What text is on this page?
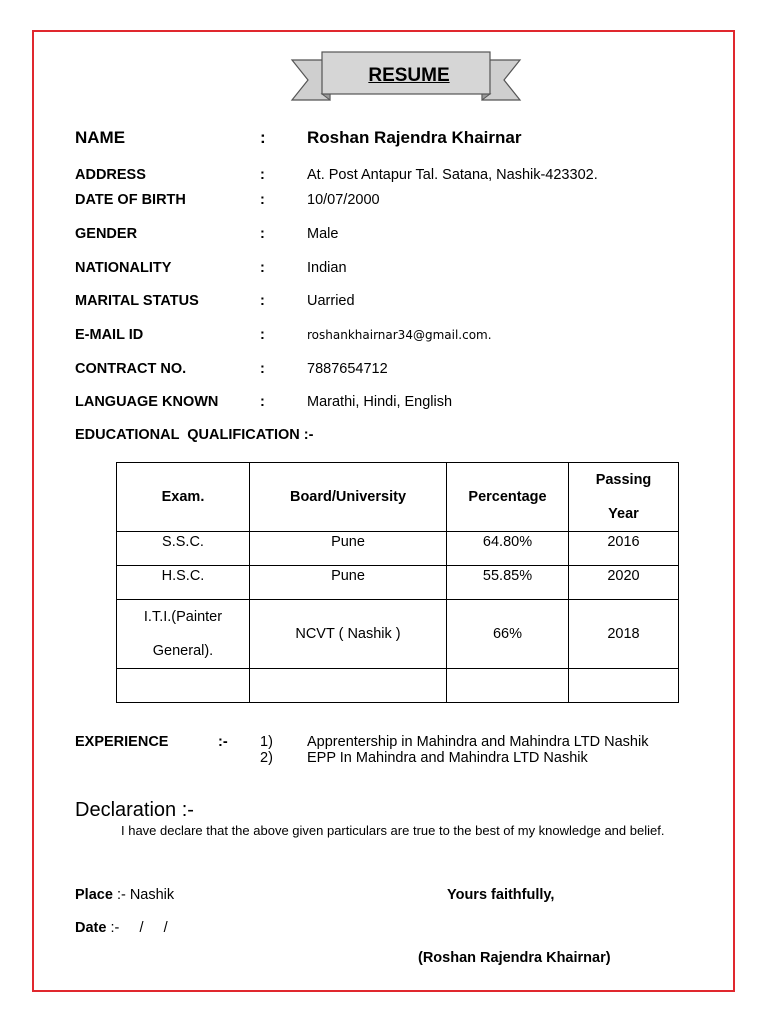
RESUME
NAME	: Roshan Rajendra Khairnar
ADDRESS	:	At. Post Antapur Tal. Satana, Nashik-423302.
DATE OF BIRTH	:	10/07/2000
GENDER	:	Male
NATIONALITY	:	Indian
MARITAL STATUS	:	Uarried
E-MAIL ID	:	roshankhairnar34@gmail.com.
CONTRACT NO.	:	7887654712
LANGUAGE KNOWN	:	Marathi, Hindi, English
EDUCATIONAL  QUALIFICATION :-
Exam.	Board/University	Percentage	Passing
Year

S.S.C.	Pune	64.80%	2016
H.S.C.	Pune	55.85%	2020

I.T.I.(Painter
General).	NCVT ( Nashik )	66%	2018

EXPERIENCE	:- 1) Apprentership in Mahindra and Mahindra LTD Nashik
2) EPP In Mahindra and Mahindra LTD Nashik
Declaration :-
I have declare that the above given particulars are true to the best of my knowledge and belief.
Place :- Nashik	Yours faithfully,
Date :-     /     /
(Roshan Rajendra Khairnar)
